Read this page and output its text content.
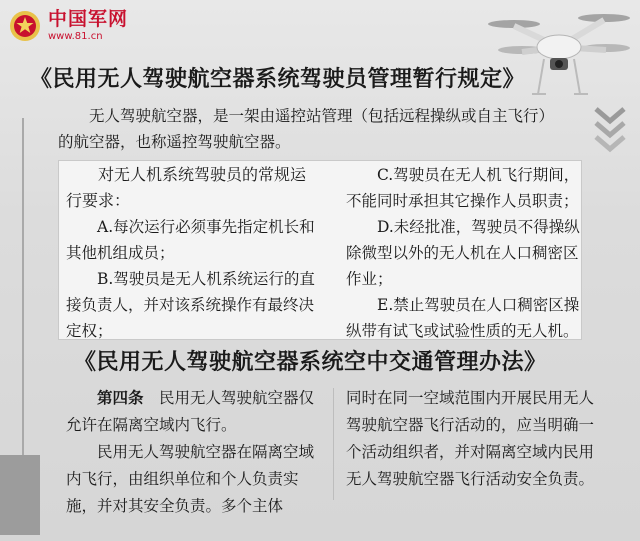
中国军网
www.81.cn
《民用无人驾驶航空器系统驾驶员管理暂行规定》
无人驾驶航空器，是一架由遥控站管理（包括远程操纵或自主飞行）的航空器，也称遥控驾驶航空器。

对无人机系统驾驶员的常规运行要求：

A.每次运行必须事先指定机长和其他机组成员；

B.驾驶员是无人机系统运行的直接负责人，并对该系统操作有最终决定权；

C.驾驶员在无人机飞行期间，不能同时承担其它操作人员职责；

D.未经批准，驾驶员不得操纵除微型以外的无人机在人口稠密区作业；

E.禁止驾驶员在人口稠密区操纵带有试飞或试验性质的无人机。

《民用无人驾驶航空器系统空中交通管理办法》

第四条　 民用无人驾驶航空器仅允许在隔离空域内飞行。

民用无人驾驶航空器在隔离空域内飞行，由组织单位和个人负责实施，并对其安全负责。多个主体

同时在同一空域范围内开展民用无人驾驶航空器飞行活动的，应当明确一个活动组织者，并对隔离空域内民用无人驾驶航空器飞行活动安全负责。
